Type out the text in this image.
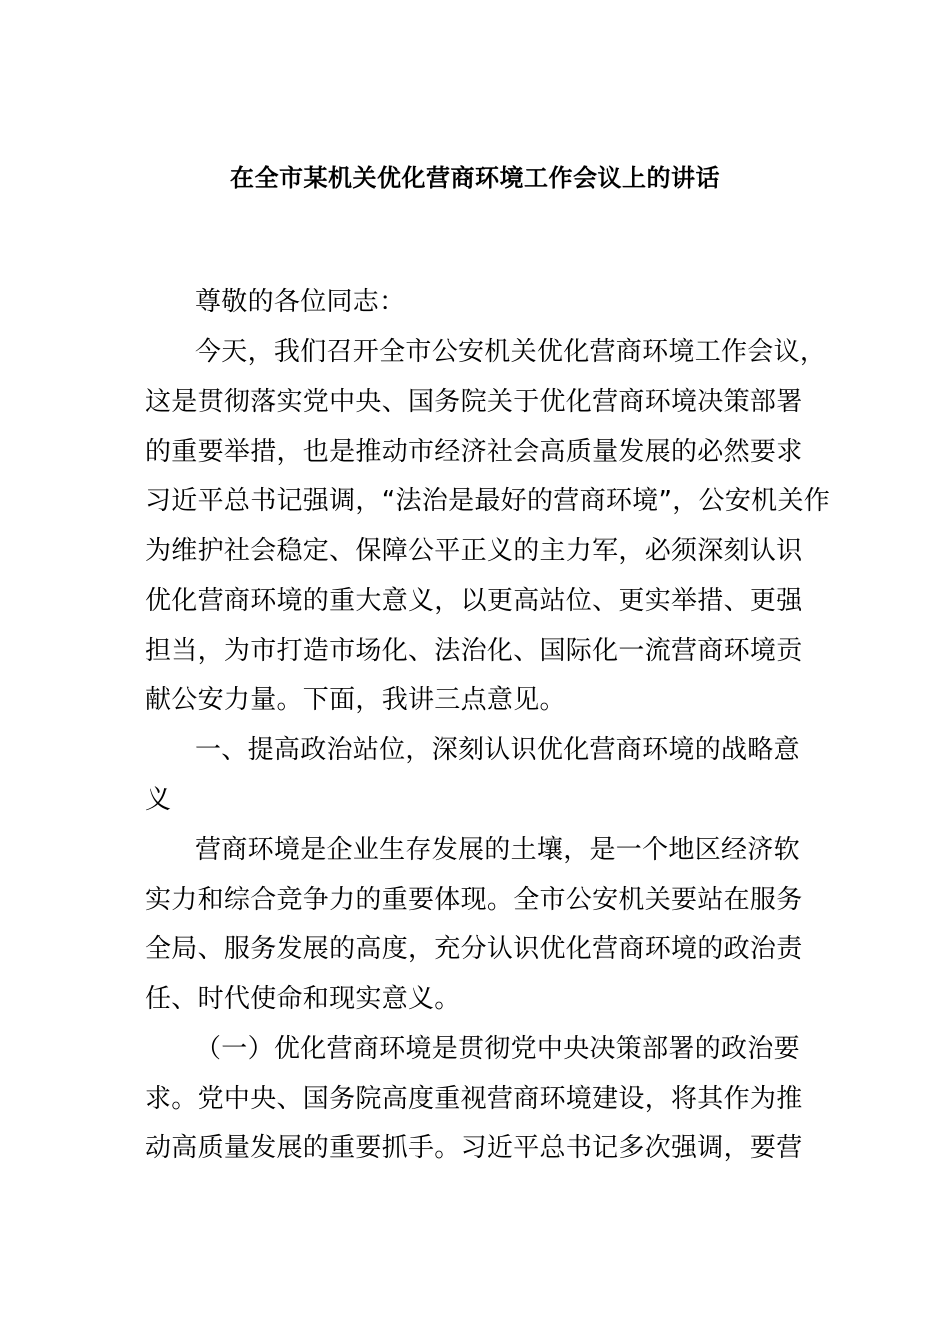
在全市某机关优化营商环境工作会议上的讲话
尊敬的各位同志：
今天，我们召开全市公安机关优化营商环境工作会议，
这是贯彻落实党中央、国务院关于优化营商环境决策部署
的重要举措，也是推动市经济社会高质量发展的必然要求
习近平总书记强调，“法治是最好的营商环境”，公安机关作
为维护社会稳定、保障公平正义的主力军，必须深刻认识
优化营商环境的重大意义，以更高站位、更实举措、更强
担当，为市打造市场化、法治化、国际化一流营商环境贡
献公安力量。下面，我讲三点意见。
一、提高政治站位，深刻认识优化营商环境的战略意
义
营商环境是企业生存发展的土壤，是一个地区经济软
实力和综合竞争力的重要体现。全市公安机关要站在服务
全局、服务发展的高度，充分认识优化营商环境的政治责
任、时代使命和现实意义。
（一）优化营商环境是贯彻党中央决策部署的政治要
求。党中央、国务院高度重视营商环境建设，将其作为推
动高质量发展的重要抓手。习近平总书记多次强调，要营
